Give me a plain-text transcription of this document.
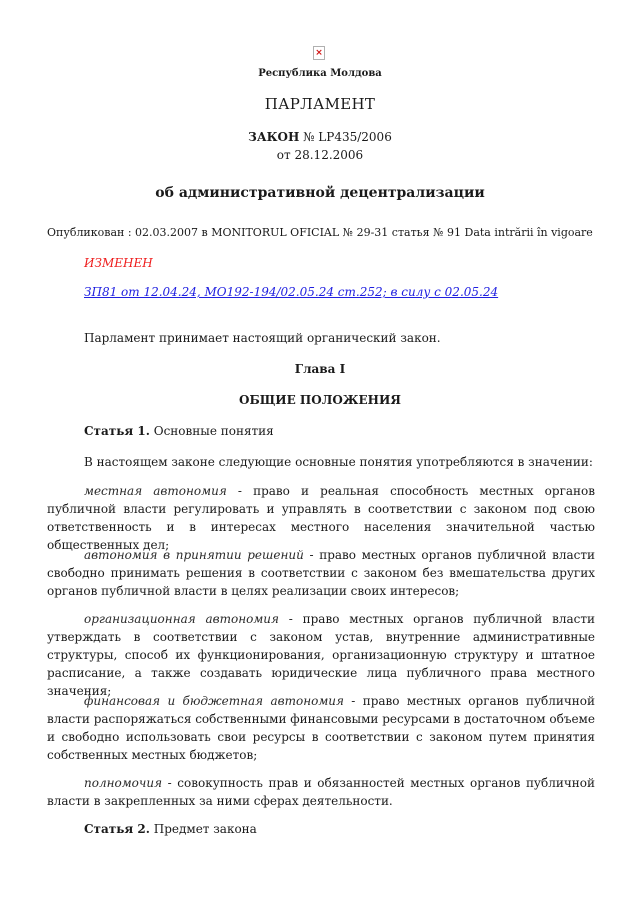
×
Республика Молдова
ПАРЛАМЕНТ
ЗАКОН № LP435/2006
от 28.12.2006
об административной децентрализации
Опубликован : 02.03.2007 в MONITORUL OFICIAL № 29-31 статья № 91 Data intrării în vigoare
ИЗМЕНЕН
ЗП81 от 12.04.24, MO192-194/02.05.24 ст.252; в силу с 02.05.24
Парламент принимает настоящий органический закон.
Глава I
ОБЩИЕ ПОЛОЖЕНИЯ
Статья 1. Основные понятия
В настоящем законе следующие основные понятия употребляются в значении:

местная автономия - право и реальная способность местных органов публичной власти регулировать и управлять в соответствии с законом под свою ответственность и в интересах местного населения значительной частью общественных дел;

автономия в принятии решений - право местных органов публичной власти свободно принимать решения в соответствии с законом без вмешательства других органов публичной власти в целях реализации своих интересов;

организационная автономия - право местных органов публичной власти утверждать в соответствии с законом устав, внутренние административные структуры, способ их функционирования, организационную структуру и штатное расписание, а также создавать юридические лица публичного права местного значения;

финансовая и бюджетная автономия - право местных органов публичной власти распоряжаться собственными финансовыми ресурсами в достаточном объеме и свободно использовать свои ресурсы в соответствии с законом путем принятия собственных местных бюджетов;

полномочия - совокупность прав и обязанностей местных органов публичной власти в закрепленных за ними сферах деятельности.

Статья 2. Предмет закона
